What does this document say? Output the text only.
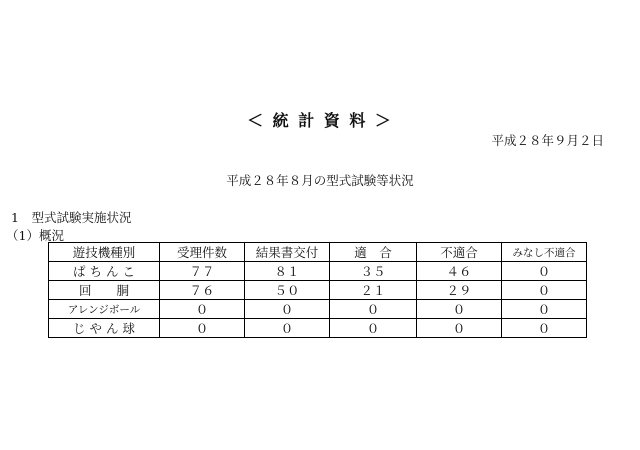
＜ 統 計 資 料 ＞
平成２８年９月２日
平成２８年８月の型式試験等状況
1　型式試験実施状況
（1）概況
遊技機種別	受理件数	結果書交付	適　合	不適合	みなし不適合
ぱ ち ん こ	７７	８１	３５	４６	０
回　　胴	７６	５０	２１	２９	０
アレンジボール	０	０	０	０	０
じ や ん 球	０	０	０	０	０
